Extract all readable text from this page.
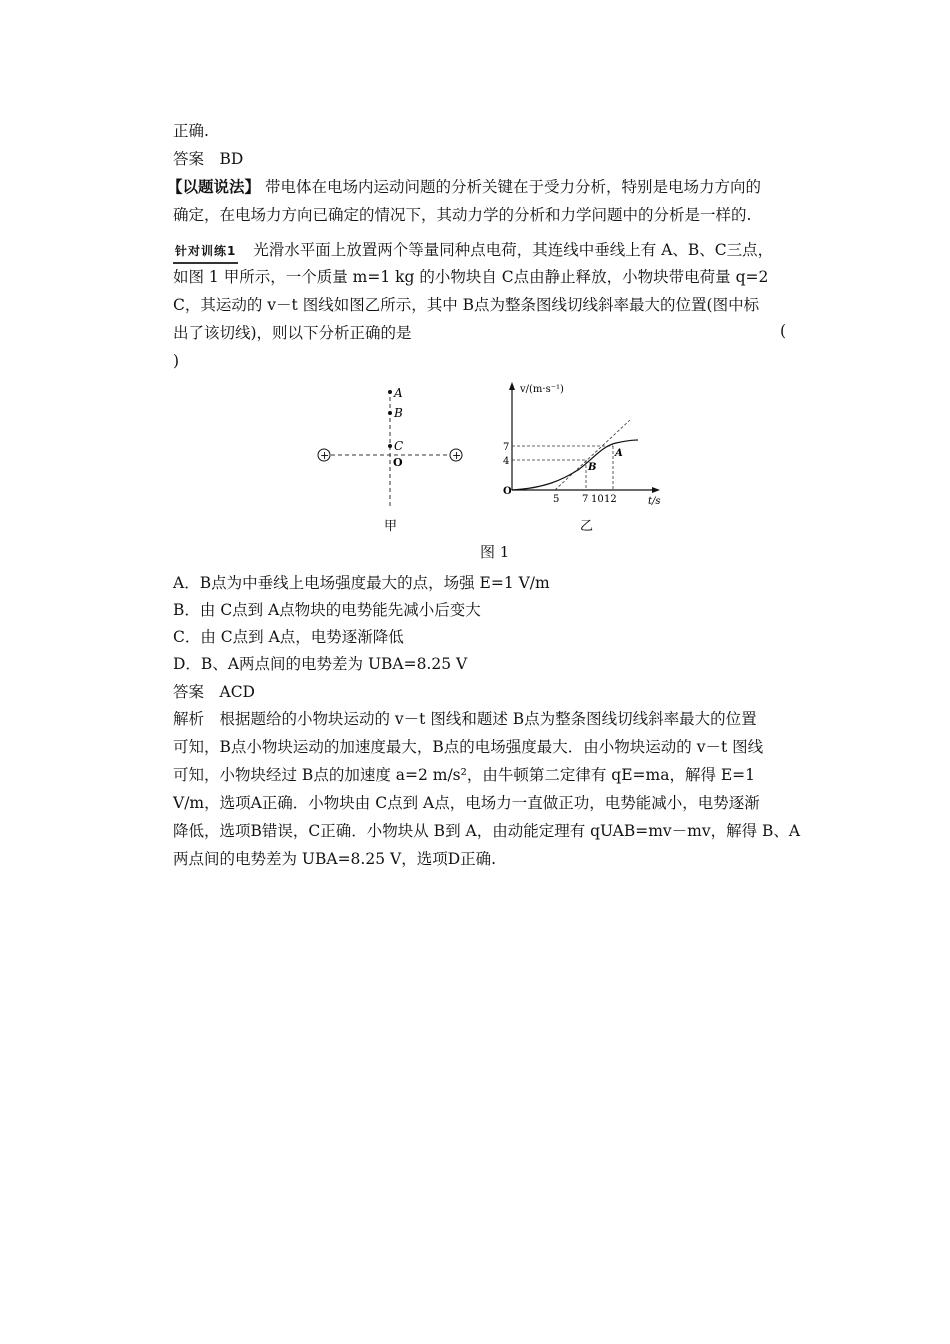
正确.
答案　BD
【以题说法】 带电体在电场内运动问题的分析关键在于受力分析，特别是电场力方向的
确定，在电场力方向已确定的情况下，其动力学的分析和力学问题中的分析是一样的.
针对训练1 光滑水平面上放置两个等量同种点电荷，其连线中垂线上有 A、B、C三点，
如图 1 甲所示，一个质量 m=1 kg 的小物块自 C点由静止释放，小物块带电荷量 q=2
C，其运动的 v－t 图线如图乙所示，其中 B点为整条图线切线斜率最大的位置(图中标
出了该切线)，则以下分析正确的是	(
)
A
B
C
O
+	+
甲
v/(m·s⁻¹)
t/s
O
7
4
5 7 10 12
A
B
乙
图 1
A．B点为中垂线上电场强度最大的点，场强 E=1 V/m
B．由 C点到 A点物块的电势能先减小后变大
C．由 C点到 A点，电势逐渐降低
D．B、A两点间的电势差为 UBA=8.25 V
答案　ACD
解析　根据题给的小物块运动的 v－t 图线和题述 B点为整条图线切线斜率最大的位置
可知，B点小物块运动的加速度最大，B点的电场强度最大．由小物块运动的 v－t 图线
可知，小物块经过 B点的加速度 a=2 m/s²，由牛顿第二定律有 qE=ma，解得 E=1
V/m，选项A正确．小物块由 C点到 A点，电场力一直做正功，电势能减小，电势逐渐
降低，选项B错误，C正确．小物块从 B到 A，由动能定理有 qUAB=mv－mv，解得 B、A
两点间的电势差为 UBA=8.25 V，选项D正确.
